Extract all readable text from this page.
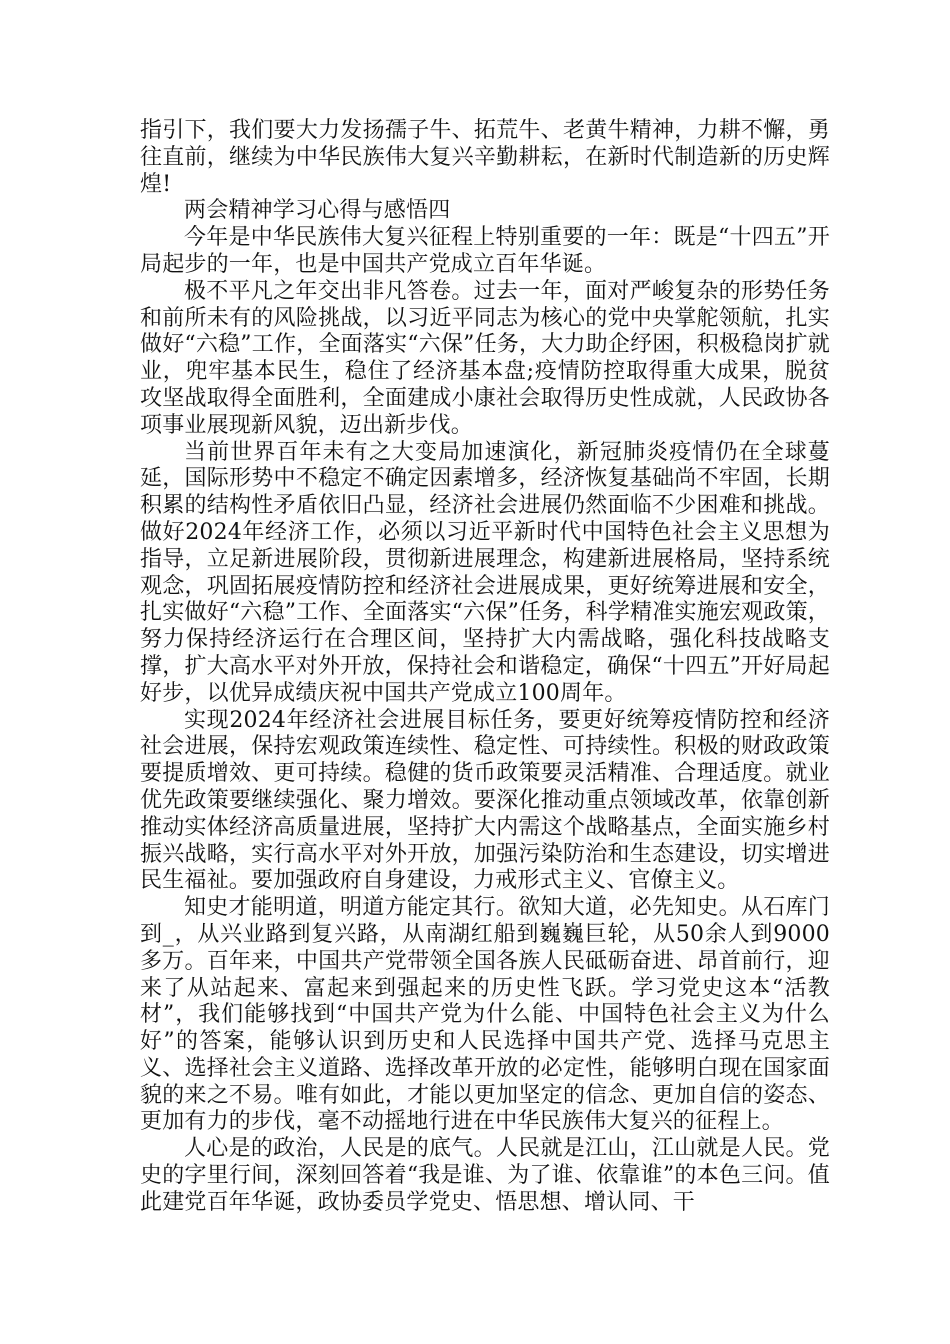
指引下，我们要大力发扬孺子牛、拓荒牛、老黄牛精神，力耕不懈，勇往直前，继续为中华民族伟大复兴辛勤耕耘，在新时代制造新的历史辉煌!

两会精神学习心得与感悟四

今年是中华民族伟大复兴征程上特别重要的一年：既是“十四五”开局起步的一年，也是中国共产党成立百年华诞。

极不平凡之年交出非凡答卷。过去一年，面对严峻复杂的形势任务和前所未有的风险挑战，以习近平同志为核心的党中央掌舵领航，扎实做好“六稳”工作，全面落实“六保”任务，大力助企纾困，积极稳岗扩就业，兜牢基本民生，稳住了经济基本盘;疫情防控取得重大成果，脱贫攻坚战取得全面胜利，全面建成小康社会取得历史性成就，人民政协各项事业展现新风貌，迈出新步伐。

当前世界百年未有之大变局加速演化，新冠肺炎疫情仍在全球蔓延，国际形势中不稳定不确定因素增多，经济恢复基础尚不牢固，长期积累的结构性矛盾依旧凸显，经济社会进展仍然面临不少困难和挑战。做好2024年经济工作，必须以习近平新时代中国特色社会主义思想为指导，立足新进展阶段，贯彻新进展理念，构建新进展格局，坚持系统观念，巩固拓展疫情防控和经济社会进展成果，更好统筹进展和安全，扎实做好“六稳”工作、全面落实“六保”任务，科学精准实施宏观政策，努力保持经济运行在合理区间，坚持扩大内需战略，强化科技战略支撑，扩大高水平对外开放，保持社会和谐稳定，确保“十四五”开好局起好步，以优异成绩庆祝中国共产党成立100周年。

实现2024年经济社会进展目标任务，要更好统筹疫情防控和经济社会进展，保持宏观政策连续性、稳定性、可持续性。积极的财政政策要提质增效、更可持续。稳健的货币政策要灵活精准、合理适度。就业优先政策要继续强化、聚力增效。要深化推动重点领域改革，依靠创新推动实体经济高质量进展，坚持扩大内需这个战略基点，全面实施乡村振兴战略，实行高水平对外开放，加强污染防治和生态建设，切实增进民生福祉。要加强政府自身建设，力戒形式主义、官僚主义。

知史才能明道，明道方能定其行。欲知大道，必先知史。从石库门到_，从兴业路到复兴路，从南湖红船到巍巍巨轮，从50余人到9000多万。百年来，中国共产党带领全国各族人民砥砺奋进、昂首前行，迎来了从站起来、富起来到强起来的历史性飞跃。学习党史这本“活教材”，我们能够找到“中国共产党为什么能、中国特色社会主义为什么好”的答案，能够认识到历史和人民选择中国共产党、选择马克思主义、选择社会主义道路、选择改革开放的必定性，能够明白现在国家面貌的来之不易。唯有如此，才能以更加坚定的信念、更加自信的姿态、更加有力的步伐，毫不动摇地行进在中华民族伟大复兴的征程上。

人心是的政治，人民是的底气。人民就是江山，江山就是人民。党史的字里行间，深刻回答着“我是谁、为了谁、依靠谁”的本色三问。值此建党百年华诞，政协委员学党史、悟思想、增认同、干
